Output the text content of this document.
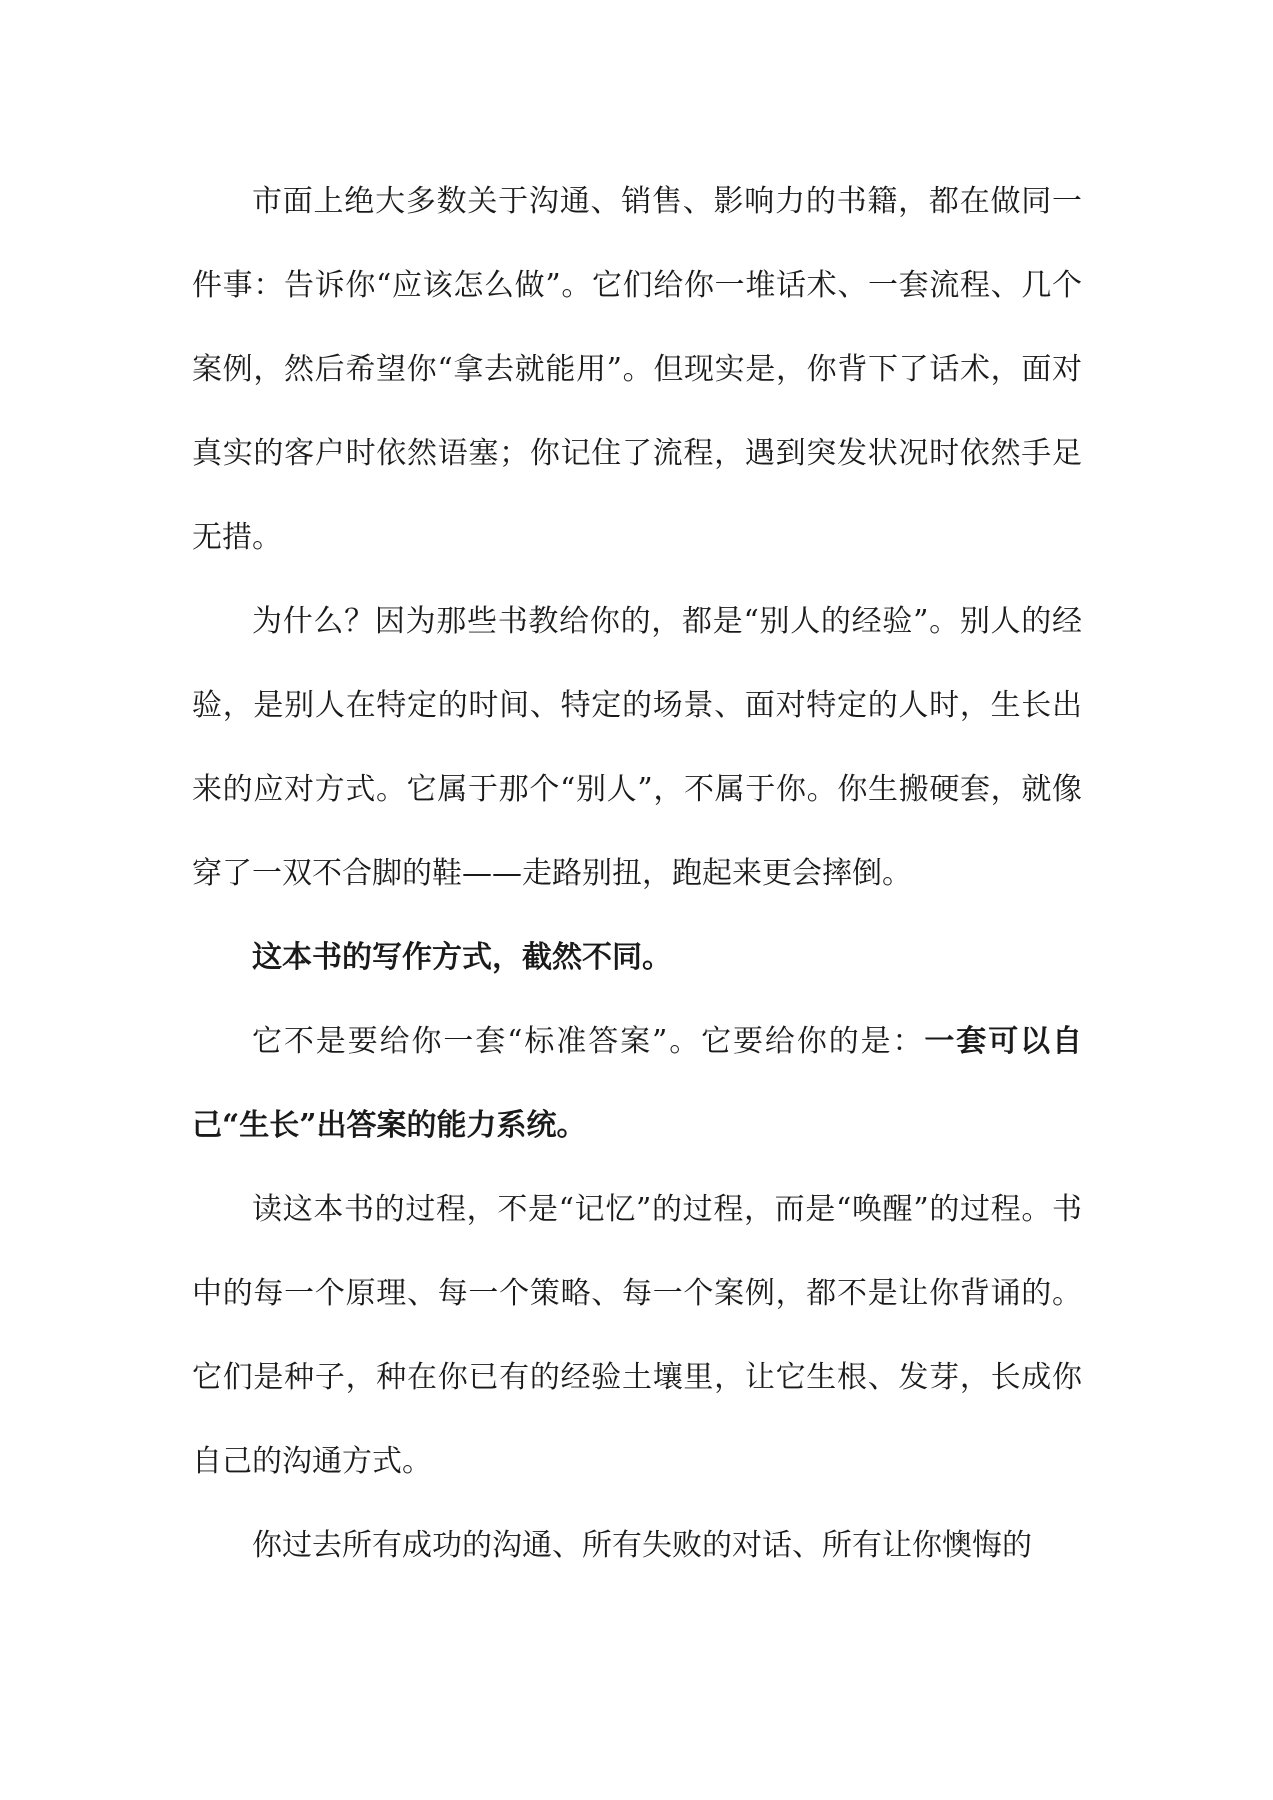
市面上绝大多数关于沟通、销售、影响力的书籍，都在做同一件事：告诉你“应该怎么做”。它们给你一堆话术、一套流程、几个案例，然后希望你“拿去就能用”。但现实是，你背下了话术，面对真实的客户时依然语塞；你记住了流程，遇到突发状况时依然手足无措。

为什么？因为那些书教给你的，都是“别人的经验”。别人的经验，是别人在特定的时间、特定的场景、面对特定的人时，生长出来的应对方式。它属于那个“别人”，不属于你。你生搬硬套，就像穿了一双不合脚的鞋——走路别扭，跑起来更会摔倒。

这本书的写作方式，截然不同。

它不是要给你一套“标准答案”。它要给你的是：一套可以自己“生长”出答案的能力系统。

读这本书的过程，不是“记忆”的过程，而是“唤醒”的过程。书中的每一个原理、每一个策略、每一个案例，都不是让你背诵的。它们是种子，种在你已有的经验土壤里，让它生根、发芽，长成你自己的沟通方式。

你过去所有成功的沟通、所有失败的对话、所有让你懊悔的
